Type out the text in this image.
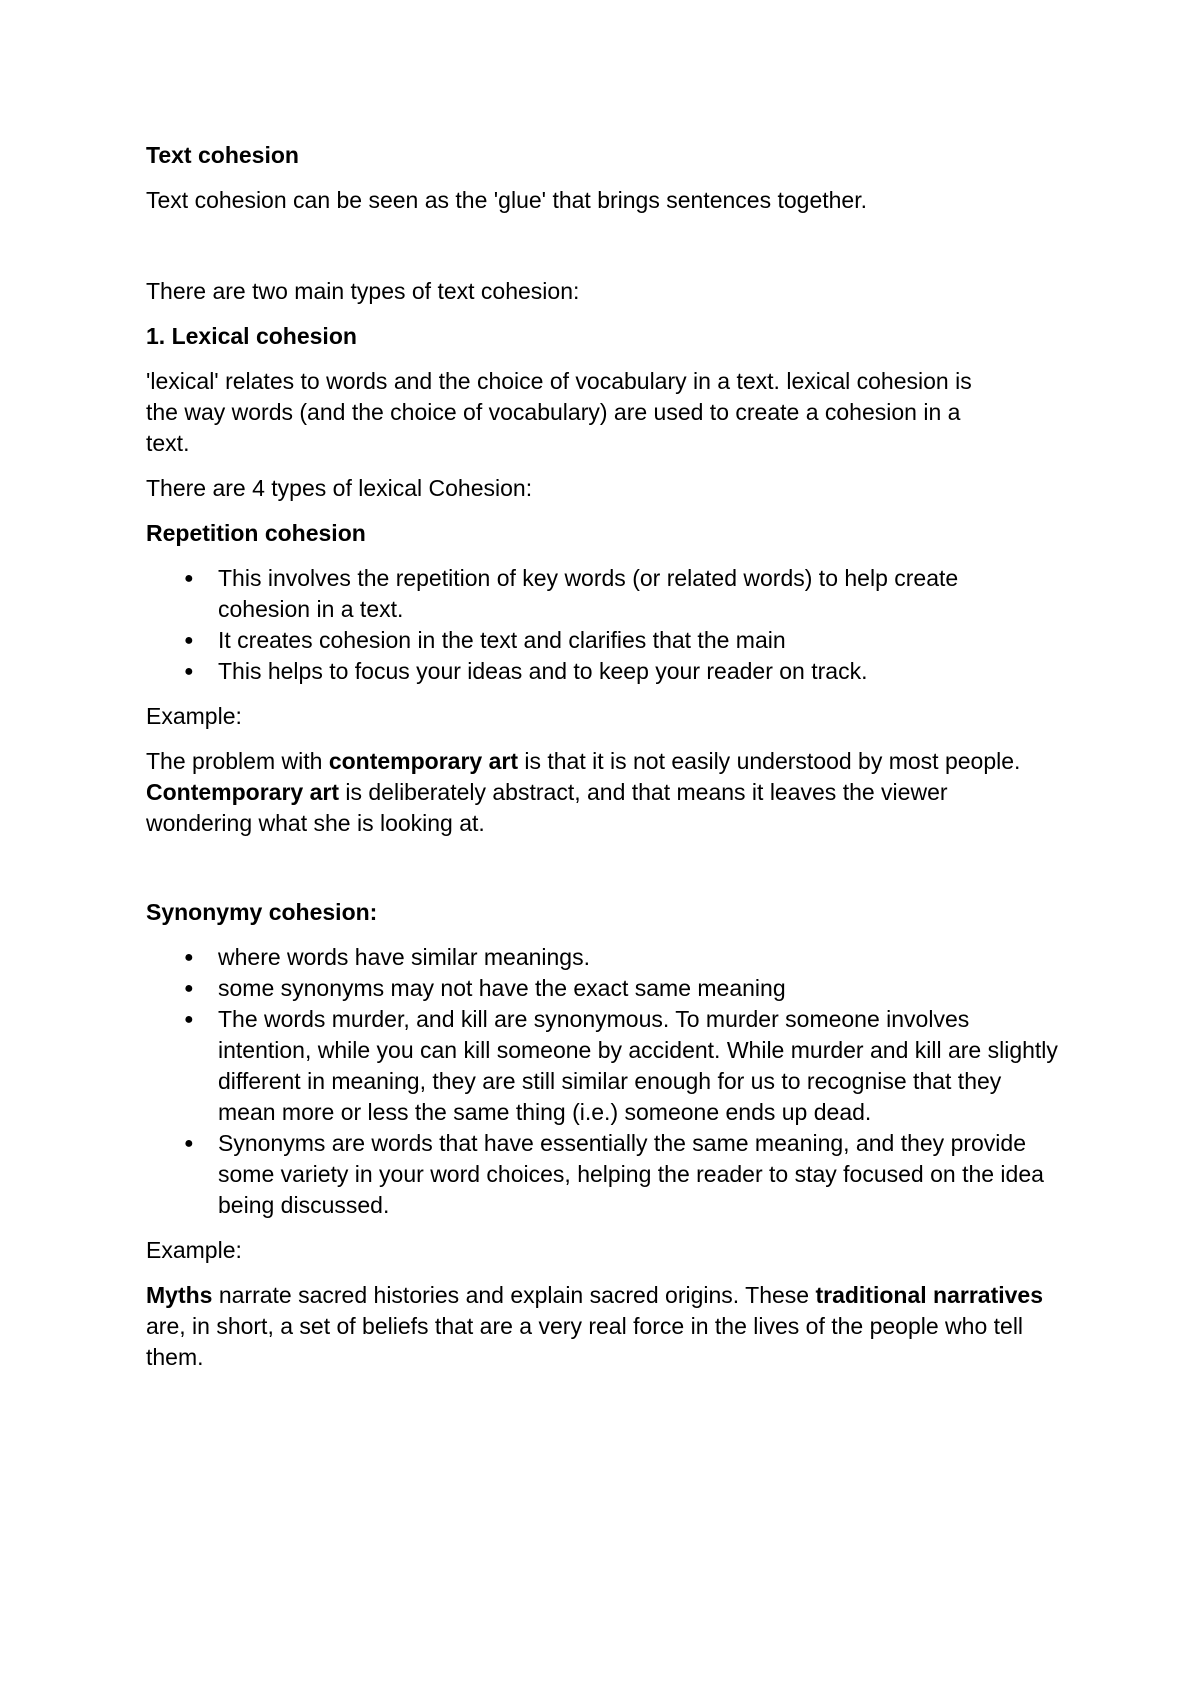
Text cohesion
Text cohesion can be seen as the 'glue' that brings sentences together.
There are two main types of text cohesion:
1. Lexical cohesion
'lexical' relates to words and the choice of vocabulary in a text. lexical cohesion is the way words (and the choice of vocabulary) are used to create a cohesion in a text.
There are 4 types of lexical Cohesion:
Repetition cohesion
● This involves the repetition of key words (or related words) to help create cohesion in a text.
● It creates cohesion in the text and clarifies that the main
● This helps to focus your ideas and to keep your reader on track.
Example:
The problem with contemporary art is that it is not easily understood by most people. Contemporary art is deliberately abstract, and that means it leaves the viewer wondering what she is looking at.
Synonymy cohesion:
● where words have similar meanings.
● some synonyms may not have the exact same meaning
● The words murder, and kill are synonymous. To murder someone involves intention, while you can kill someone by accident. While murder and kill are slightly different in meaning, they are still similar enough for us to recognise that they mean more or less the same thing (i.e.) someone ends up dead.
● Synonyms are words that have essentially the same meaning, and they provide some variety in your word choices, helping the reader to stay focused on the idea being discussed.
Example:
Myths narrate sacred histories and explain sacred origins. These traditional narratives are, in short, a set of beliefs that are a very real force in the lives of the people who tell them.
